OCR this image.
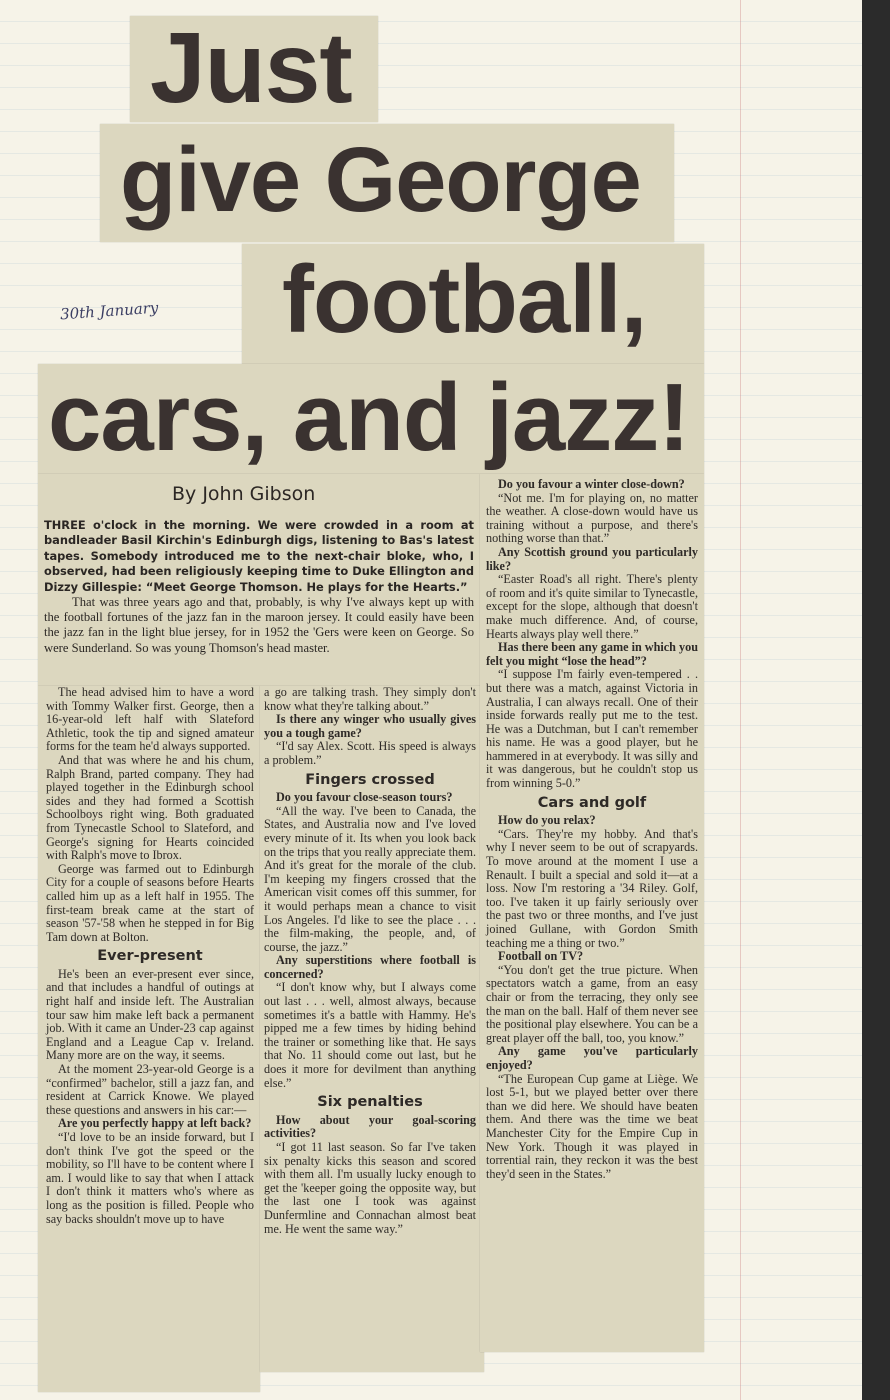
Just
give George
football,
cars, and jazz!
30th January
By John Gibson

THREE o'clock in the morning. We were crowded in a room at bandleader Basil Kirchin's Edinburgh digs, listening to Bas's latest tapes. Somebody introduced me to the next-chair bloke, who, I observed, had been religiously keeping time to Duke Ellington and Dizzy Gillespie: “Meet George Thomson. He plays for the Hearts.”

That was three years ago and that, probably, is why I've always kept up with the football fortunes of the jazz fan in the maroon jersey. It could easily have been the jazz fan in the light blue jersey, for in 1952 the 'Gers were keen on George. So were Sunderland. So was young Thomson's head master.

The head advised him to have a word with Tommy Walker first. George, then a 16-year-old left half with Slateford Athletic, took the tip and signed amateur forms for the team he'd always supported.

And that was where he and his chum, Ralph Brand, parted company. They had played together in the Edinburgh school sides and they had formed a Scottish Schoolboys right wing. Both graduated from Tynecastle School to Slateford, and George's signing for Hearts coincided with Ralph's move to Ibrox.

George was farmed out to Edinburgh City for a couple of seasons before Hearts called him up as a left half in 1955. The first-team break came at the start of season '57-'58 when he stepped in for Big Tam down at Bolton.

Ever-present

He's been an ever-present ever since, and that includes a handful of outings at right half and inside left. The Australian tour saw him make left back a permanent job. With it came an Under-23 cap against England and a League Cap v. Ireland. Many more are on the way, it seems.

At the moment 23-year-old George is a “confirmed” bachelor, still a jazz fan, and resident at Carrick Knowe. We played these questions and answers in his car:—

Are you perfectly happy at left back?

“I'd love to be an inside forward, but I don't think I've got the speed or the mobility, so I'll have to be content where I am. I would like to say that when I attack I don't think it matters who's where as long as the position is filled. People who say backs shouldn't move up to have

a go are talking trash. They simply don't know what they're talking about.”

Is there any winger who usually gives you a tough game?

“I'd say Alex. Scott. His speed is always a problem.”

Fingers crossed

Do you favour close-season tours?

“All the way. I've been to Canada, the States, and Australia now and I've loved every minute of it. Its when you look back on the trips that you really appreciate them. And it's great for the morale of the club. I'm keeping my fingers crossed that the American visit comes off this summer, for it would perhaps mean a chance to visit Los Angeles. I'd like to see the place . . . the film-making, the people, and, of course, the jazz.”

Any superstitions where football is concerned?

“I don't know why, but I always come out last . . . well, almost always, because sometimes it's a battle with Hammy. He's pipped me a few times by hiding behind the trainer or something like that. He says that No. 11 should come out last, but he does it more for devilment than anything else.”

Six penalties

How about your goal-scoring activities?

“I got 11 last season. So far I've taken six penalty kicks this season and scored with them all. I'm usually lucky enough to get the 'keeper going the opposite way, but the last one I took was against Dunfermline and Connachan almost beat me. He went the same way.”

Do you favour a winter close-down?

“Not me. I'm for playing on, no matter the weather. A close-down would have us training without a purpose, and there's nothing worse than that.”

Any Scottish ground you particularly like?

“Easter Road's all right. There's plenty of room and it's quite similar to Tynecastle, except for the slope, although that doesn't make much difference. And, of course, Hearts always play well there.”

Has there been any game in which you felt you might “lose the head”?

“I suppose I'm fairly even-tempered . . but there was a match, against Victoria in Australia, I can always recall. One of their inside forwards really put me to the test. He was a Dutchman, but I can't remember his name. He was a good player, but he hammered in at everybody. It was silly and it was dangerous, but he couldn't stop us from winning 5-0.”

Cars and golf

How do you relax?

“Cars. They're my hobby. And that's why I never seem to be out of scrapyards. To move around at the moment I use a Renault. I built a special and sold it—at a loss. Now I'm restoring a '34 Riley. Golf, too. I've taken it up fairly seriously over the past two or three months, and I've just joined Gullane, with Gordon Smith teaching me a thing or two.”

Football on TV?

“You don't get the true picture. When spectators watch a game, from an easy chair or from the terracing, they only see the man on the ball. Half of them never see the positional play elsewhere. You can be a great player off the ball, too, you know.”

Any game you've particularly enjoyed?

“The European Cup game at Liège. We lost 5-1, but we played better over there than we did here. We should have beaten them. And there was the time we beat Manchester City for the Empire Cup in New York. Though it was played in torrential rain, they reckon it was the best they'd seen in the States.”
